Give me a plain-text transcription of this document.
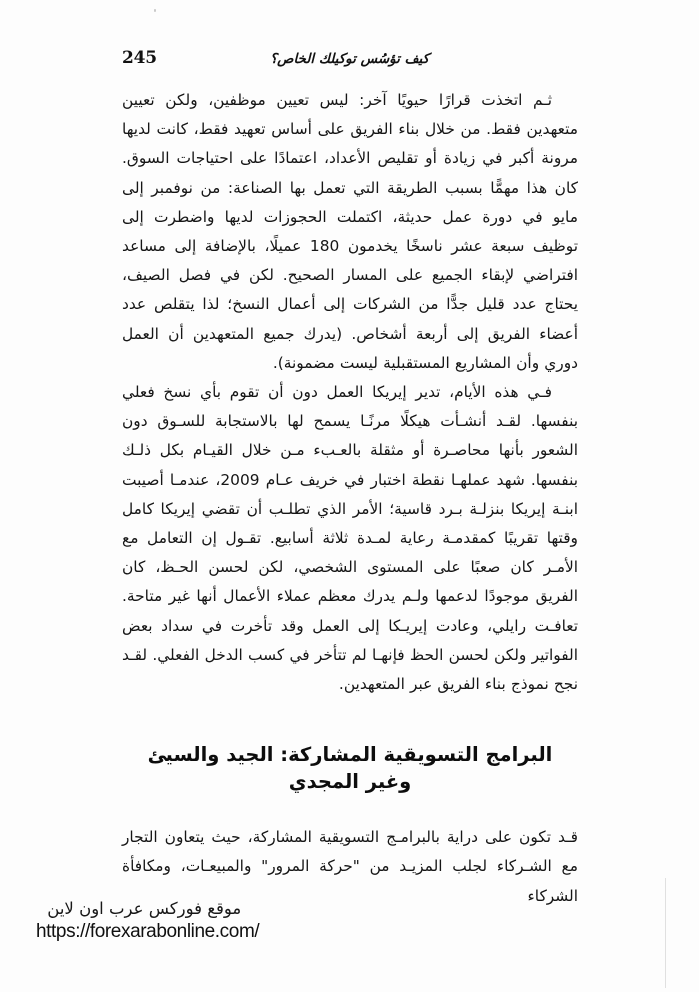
245	كيف تؤسُس توكيلك الخاص؟

ثـم اتخذت قرارًا حيويًا آخر: ليس تعيين موظفين، ولكن تعيين متعهدين فقط. من خلال بناء الفريق على أساس تعهيد فقط، كانت لديها مرونة أكبر في زيادة أو تقليص الأعداد، اعتمادًا على احتياجات السوق. كان هذا مهمًّا بسبب الطريقة التي تعمل بها الصناعة: من نوفمبر إلى مايو في دورة عمل حديثة، اكتملت الحجوزات لديها واضطرت إلى توظيف سبعة عشر ناسخًا يخدمون 180 عميلًا، بالإضافة إلى مساعد افتراضي لإبقاء الجميع على المسار الصحيح. لكن في فصل الصيف، يحتاج عدد قليل جدًّا من الشركات إلى أعمال النسخ؛ لذا يتقلص عدد أعضاء الفريق إلى أربعة أشخاص. (يدرك جميع المتعهدين أن العمل دوري وأن المشاريع المستقبلية ليست مضمونة).

فـي هذه الأيام، تدير إيريكا العمل دون أن تقوم بأي نسخ فعلي بنفسها. لقـد أنشـأت هيكلًا مرنًـا يسمح لها بالاستجابة للسـوق دون الشعور بأنها محاصـرة أو مثقلة بالعـبء مـن خلال القيـام بكل ذلـك بنفسها. شهد عملهـا نقطة اختبار في خريف عـام 2009، عندمـا أصيبت ابنـة إيريكا بنزلـة بـرد قاسية؛ الأمر الذي تطلـب أن تقضي إيريكا كامل وقتها تقريبًا كمقدمـة رعاية لمـدة ثلاثة أسابيع. تقـول إن التعامل مع الأمـر كان صعبًا على المستوى الشخصي، لكن لحسن الحـظ، كان الفريق موجودًا لدعمها ولـم يدرك معظم عملاء الأعمال أنها غير متاحة. تعافـت رايلي، وعادت إيريـكا إلى العمل وقد تأخرت في سداد بعض الفواتير ولكن لحسن الحظ فإنهـا لم تتأخر في كسب الدخل الفعلي. لقـد نجح نموذج بناء الفريق عبر المتعهدين.

البرامج التسويقية المشاركة: الجيد والسيئ
وغير المجدي

قـد تكون على دراية بالبرامـج التسويقية المشاركة، حيث يتعاون التجار مع الشـركاء لجلب المزيـد من "حركة المرور" والمبيعـات، ومكافأة الشركاء

موقع فوركس عرب اون لاين
https://forexarabonline.com/
